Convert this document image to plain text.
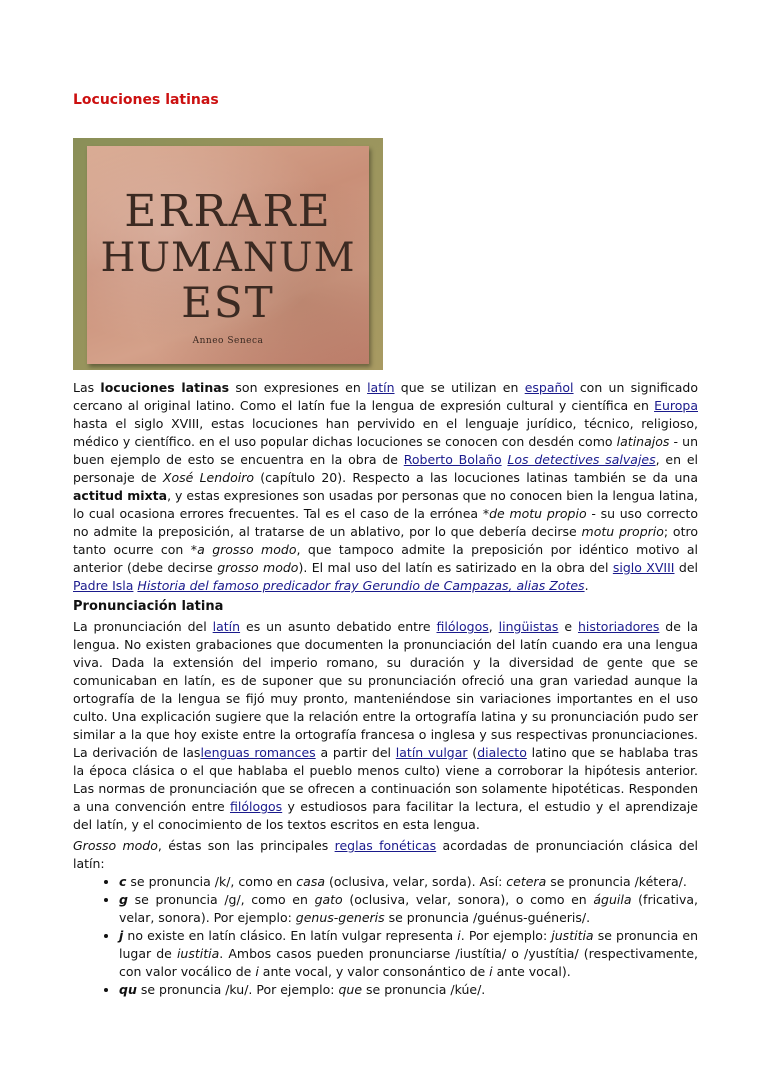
Locuciones latinas
ERRARE
HUMANUM
EST
Anneo Seneca

Las locuciones latinas son expresiones en latín que se utilizan en español con un significado cercano al original latino. Como el latín fue la lengua de expresión cultural y científica en Europa hasta el siglo XVIII, estas locuciones han pervivido en el lenguaje jurídico, técnico, religioso, médico y científico. en el uso popular dichas locuciones se conocen con desdén como latinajos - un buen ejemplo de esto se encuentra en la obra de Roberto Bolaño Los detectives salvajes, en el personaje de Xosé Lendoiro (capítulo 20). Respecto a las locuciones latinas también se da una actitud mixta, y estas expresiones son usadas por personas que no conocen bien la lengua latina, lo cual ocasiona errores frecuentes. Tal es el caso de la errónea *de motu propio - su uso correcto no admite la preposición, al tratarse de un ablativo, por lo que debería decirse motu proprio; otro tanto ocurre con *a grosso modo, que tampoco admite la preposición por idéntico motivo al anterior (debe decirse grosso modo). El mal uso del latín es satirizado en la obra del siglo XVIII del Padre Isla Historia del famoso predicador fray Gerundio de Campazas, alias Zotes.

Pronunciación latina

La pronunciación del latín es un asunto debatido entre filólogos, lingüistas e historiadores de la lengua. No existen grabaciones que documenten la pronunciación del latín cuando era una lengua viva. Dada la extensión del imperio romano, su duración y la diversidad de gente que se comunicaban en latín, es de suponer que su pronunciación ofreció una gran variedad aunque la ortografía de la lengua se fijó muy pronto, manteniéndose sin variaciones importantes en el uso culto. Una explicación sugiere que la relación entre la ortografía latina y su pronunciación pudo ser similar a la que hoy existe entre la ortografía francesa o inglesa y sus respectivas pronunciaciones. La derivación de laslenguas romances a partir del latín vulgar (dialecto latino que se hablaba tras la época clásica o el que hablaba el pueblo menos culto) viene a corroborar la hipótesis anterior. Las normas de pronunciación que se ofrecen a continuación son solamente hipotéticas. Responden a una convención entre filólogos y estudiosos para facilitar la lectura, el estudio y el aprendizaje del latín, y el conocimiento de los textos escritos en esta lengua.

Grosso modo, éstas son las principales reglas fonéticas acordadas de pronunciación clásica del latín:

• c se pronuncia /k/, como en casa (oclusiva, velar, sorda). Así: cetera se pronuncia /kétera/.
• g se pronuncia /g/, como en gato (oclusiva, velar, sonora), o como en águila (fricativa, velar, sonora). Por ejemplo: genus-generis se pronuncia /guénus-guéneris/.
• j no existe en latín clásico. En latín vulgar representa i. Por ejemplo: justitia se pronuncia en lugar de iustitia. Ambos casos pueden pronunciarse /iustítia/ o /yustítia/ (respectivamente, con valor vocálico de i ante vocal, y valor consonántico de i ante vocal).
• qu se pronuncia /ku/. Por ejemplo: que se pronuncia /kúe/.
